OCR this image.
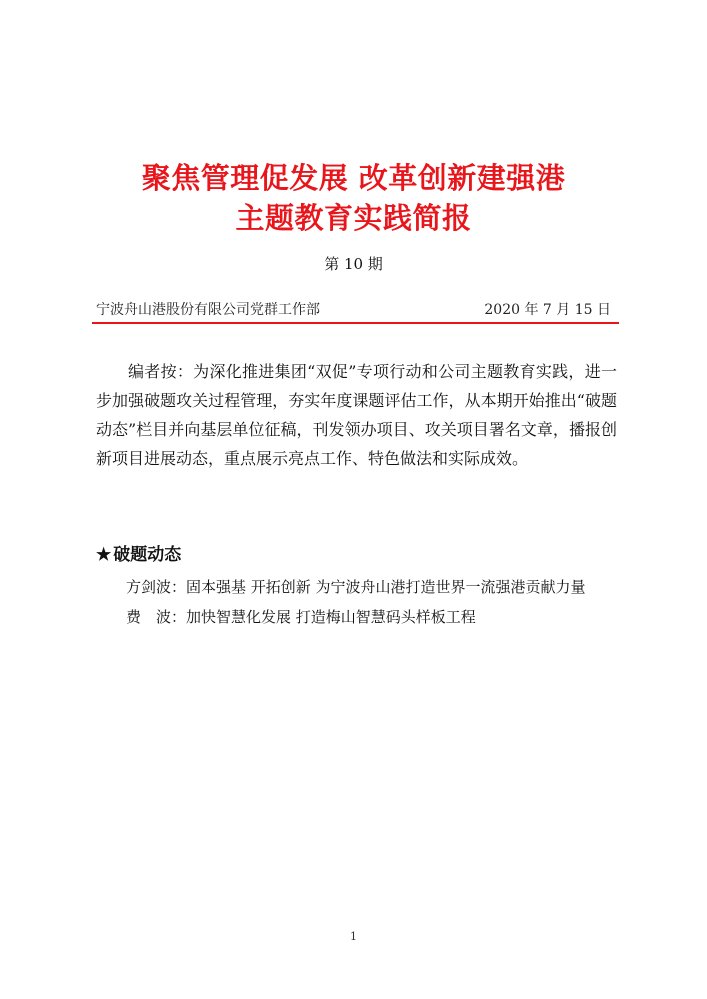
聚焦管理促发展 改革创新建强港
主题教育实践简报
第 10 期
宁波舟山港股份有限公司党群工作部	2020 年 7 月 15 日

编者按：为深化推进集团“双促”专项行动和公司主题教育实践，进一步加强破题攻关过程管理，夯实年度课题评估工作，从本期开始推出“破题动态”栏目并向基层单位征稿，刊发领办项目、攻关项目署名文章，播报创新项目进展动态，重点展示亮点工作、特色做法和实际成效。

★ 破题动态
方剑波：固本强基 开拓创新 为宁波舟山港打造世界一流强港贡献力量
费　波：加快智慧化发展 打造梅山智慧码头样板工程
1
